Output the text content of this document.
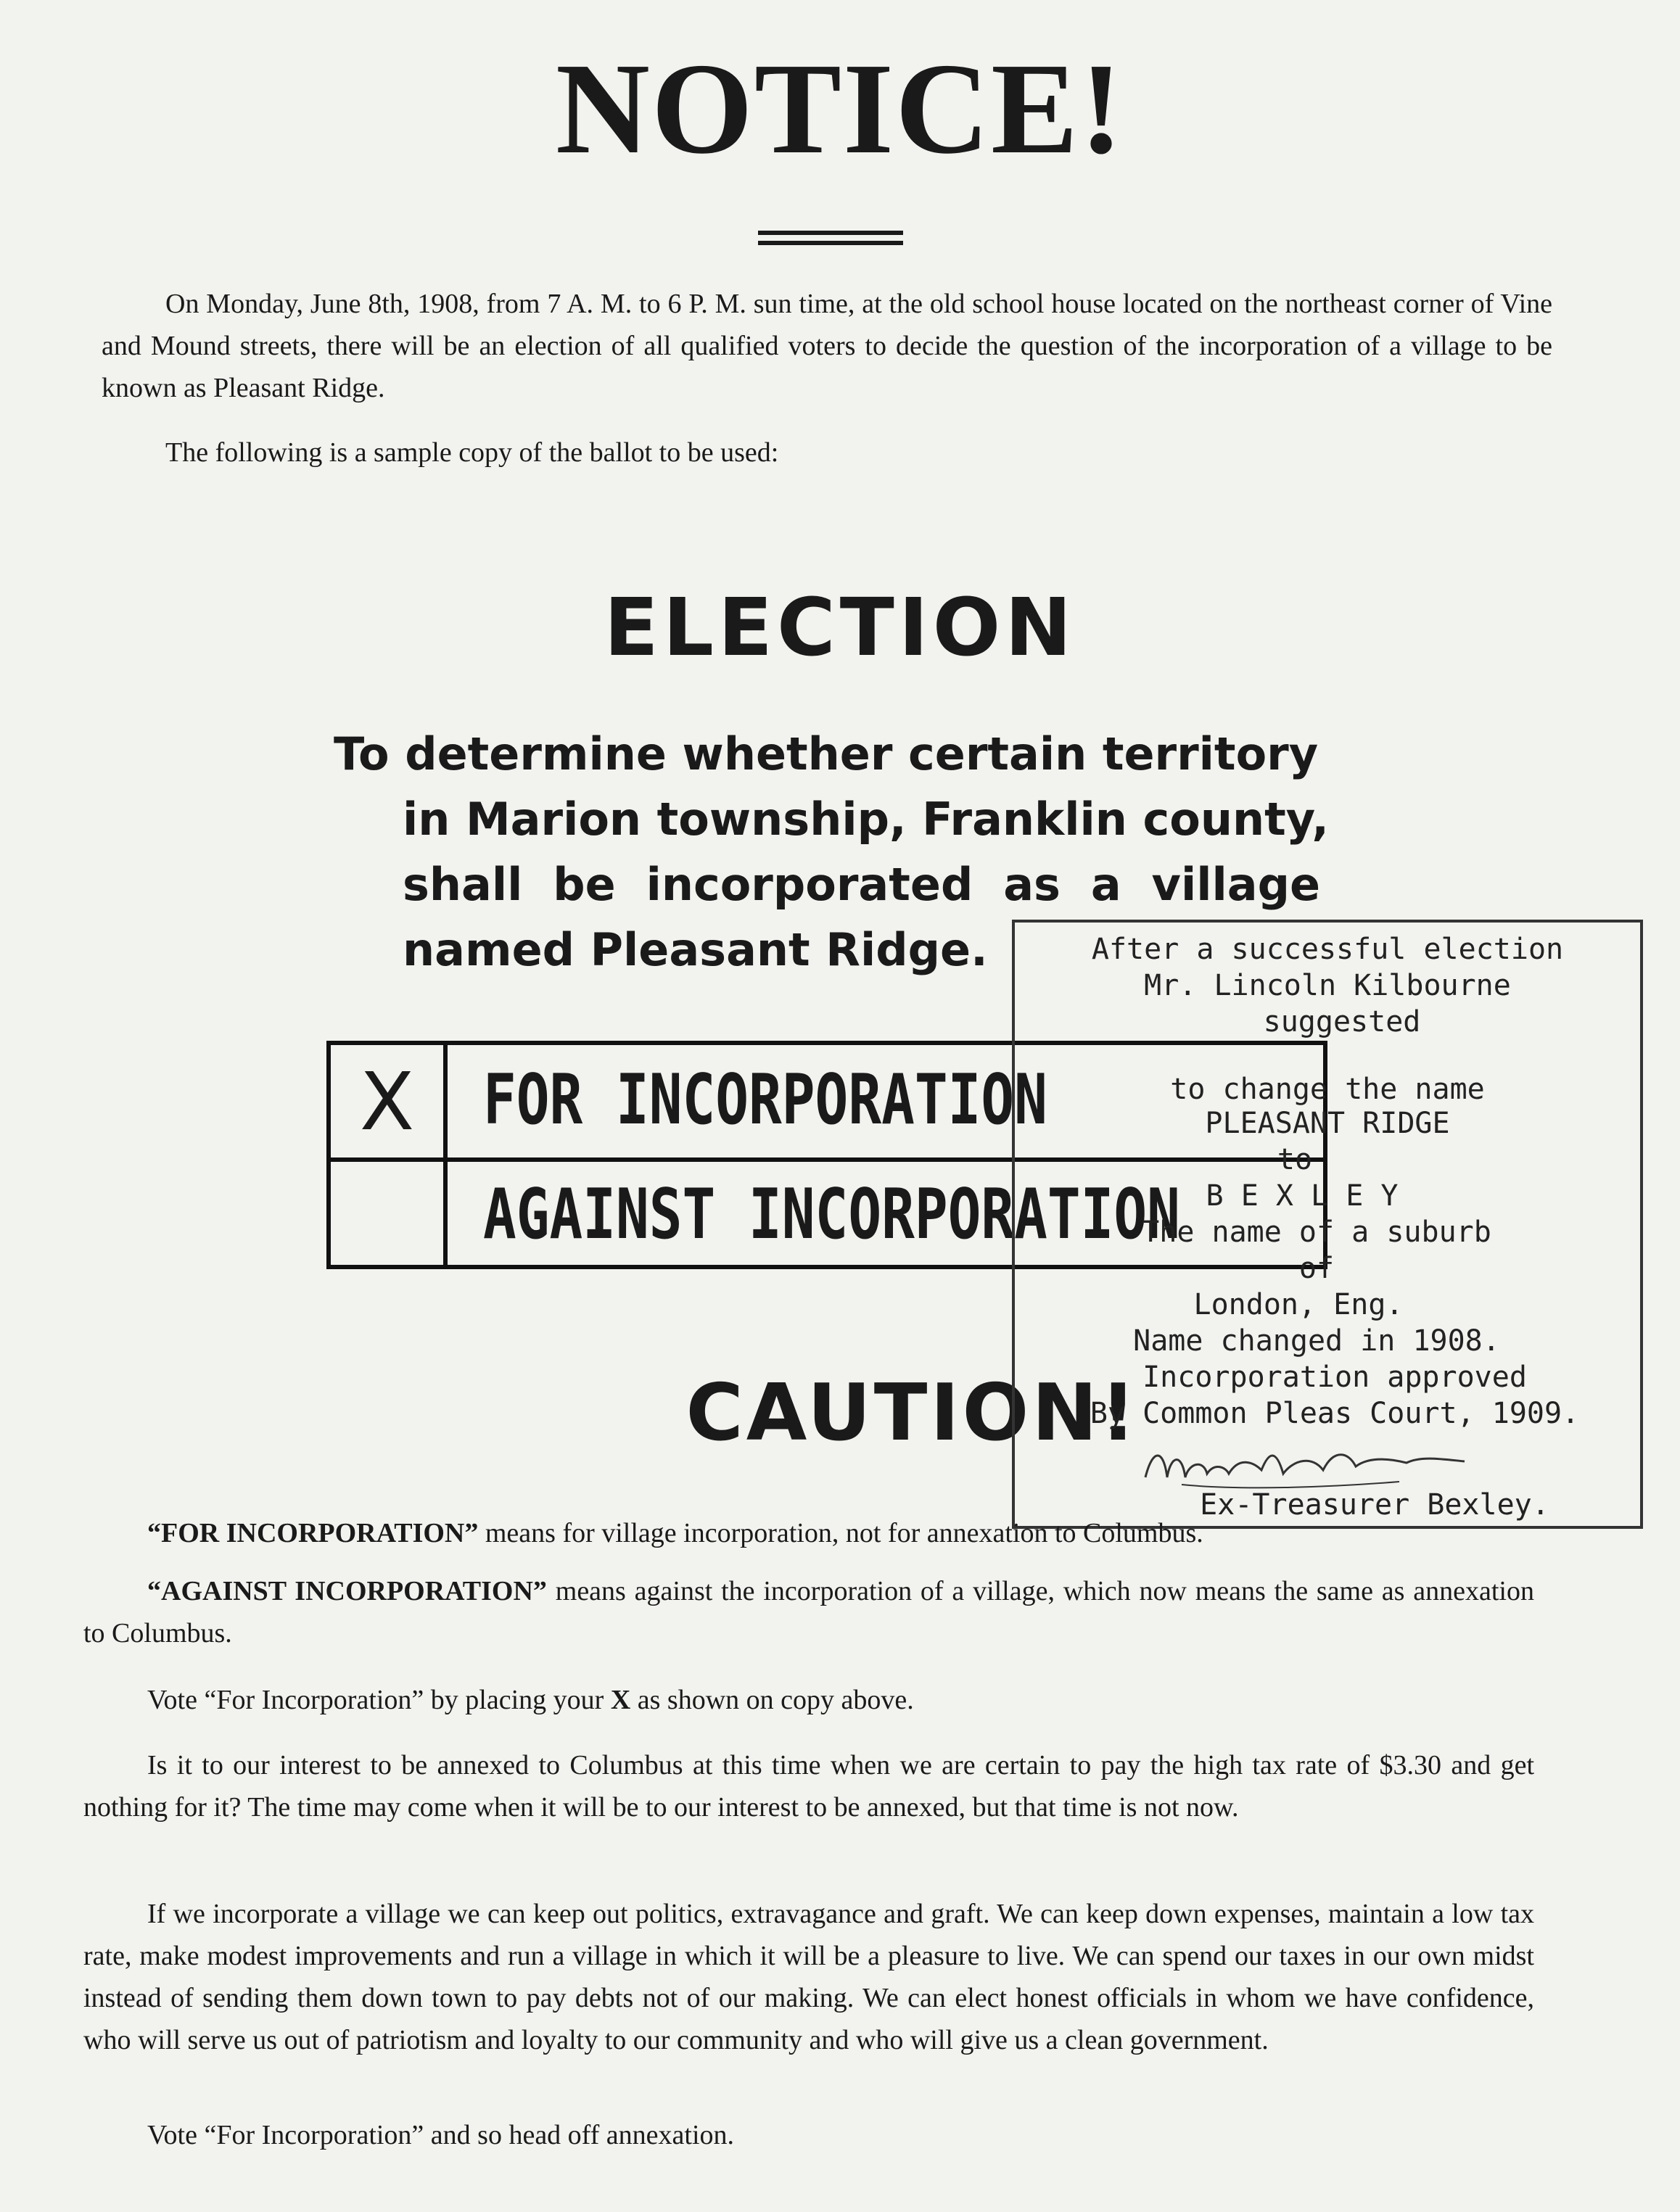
NOTICE!
On Monday, June 8th, 1908, from 7 A. M. to 6 P. M. sun time, at the old school house located on the northeast corner of Vine and Mound streets, there will be an election of all qualified voters to decide the question of the incorporation of a village to be known as Pleasant Ridge.
The following is a sample copy of the ballot to be used:
ELECTION
To determine whether certain territory
in Marion township, Franklin county,
shall be incorporated as a village
named Pleasant Ridge.
X	FOR INCORPORATION
AGAINST INCORPORATION
CAUTION!
After a successful election
Mr. Lincoln Kilbourne
suggested
to change the name
PLEASANT RIDGE
to
B E X L E Y
The name of a suburb
of
London, Eng.
Name changed in 1908.
Incorporation approved
By Common Pleas Court, 1909.
Ex-Treasurer Bexley.
“FOR INCORPORATION” means for village incorporation, not for annexation to Columbus.
“AGAINST INCORPORATION” means against the incorporation of a village, which now means the same as annexation to Columbus.
Vote “For Incorporation” by placing your X as shown on copy above.
Is it to our interest to be annexed to Columbus at this time when we are certain to pay the high tax rate of $3.30 and get nothing for it? The time may come when it will be to our interest to be annexed, but that time is not now.
If we incorporate a village we can keep out politics, extravagance and graft. We can keep down expenses, maintain a low tax rate, make modest improvements and run a village in which it will be a pleasure to live. We can spend our taxes in our own midst instead of sending them down town to pay debts not of our making. We can elect honest officials in whom we have confidence, who will serve us out of patriotism and loyalty to our community and who will give us a clean government.
Vote “For Incorporation” and so head off annexation.
